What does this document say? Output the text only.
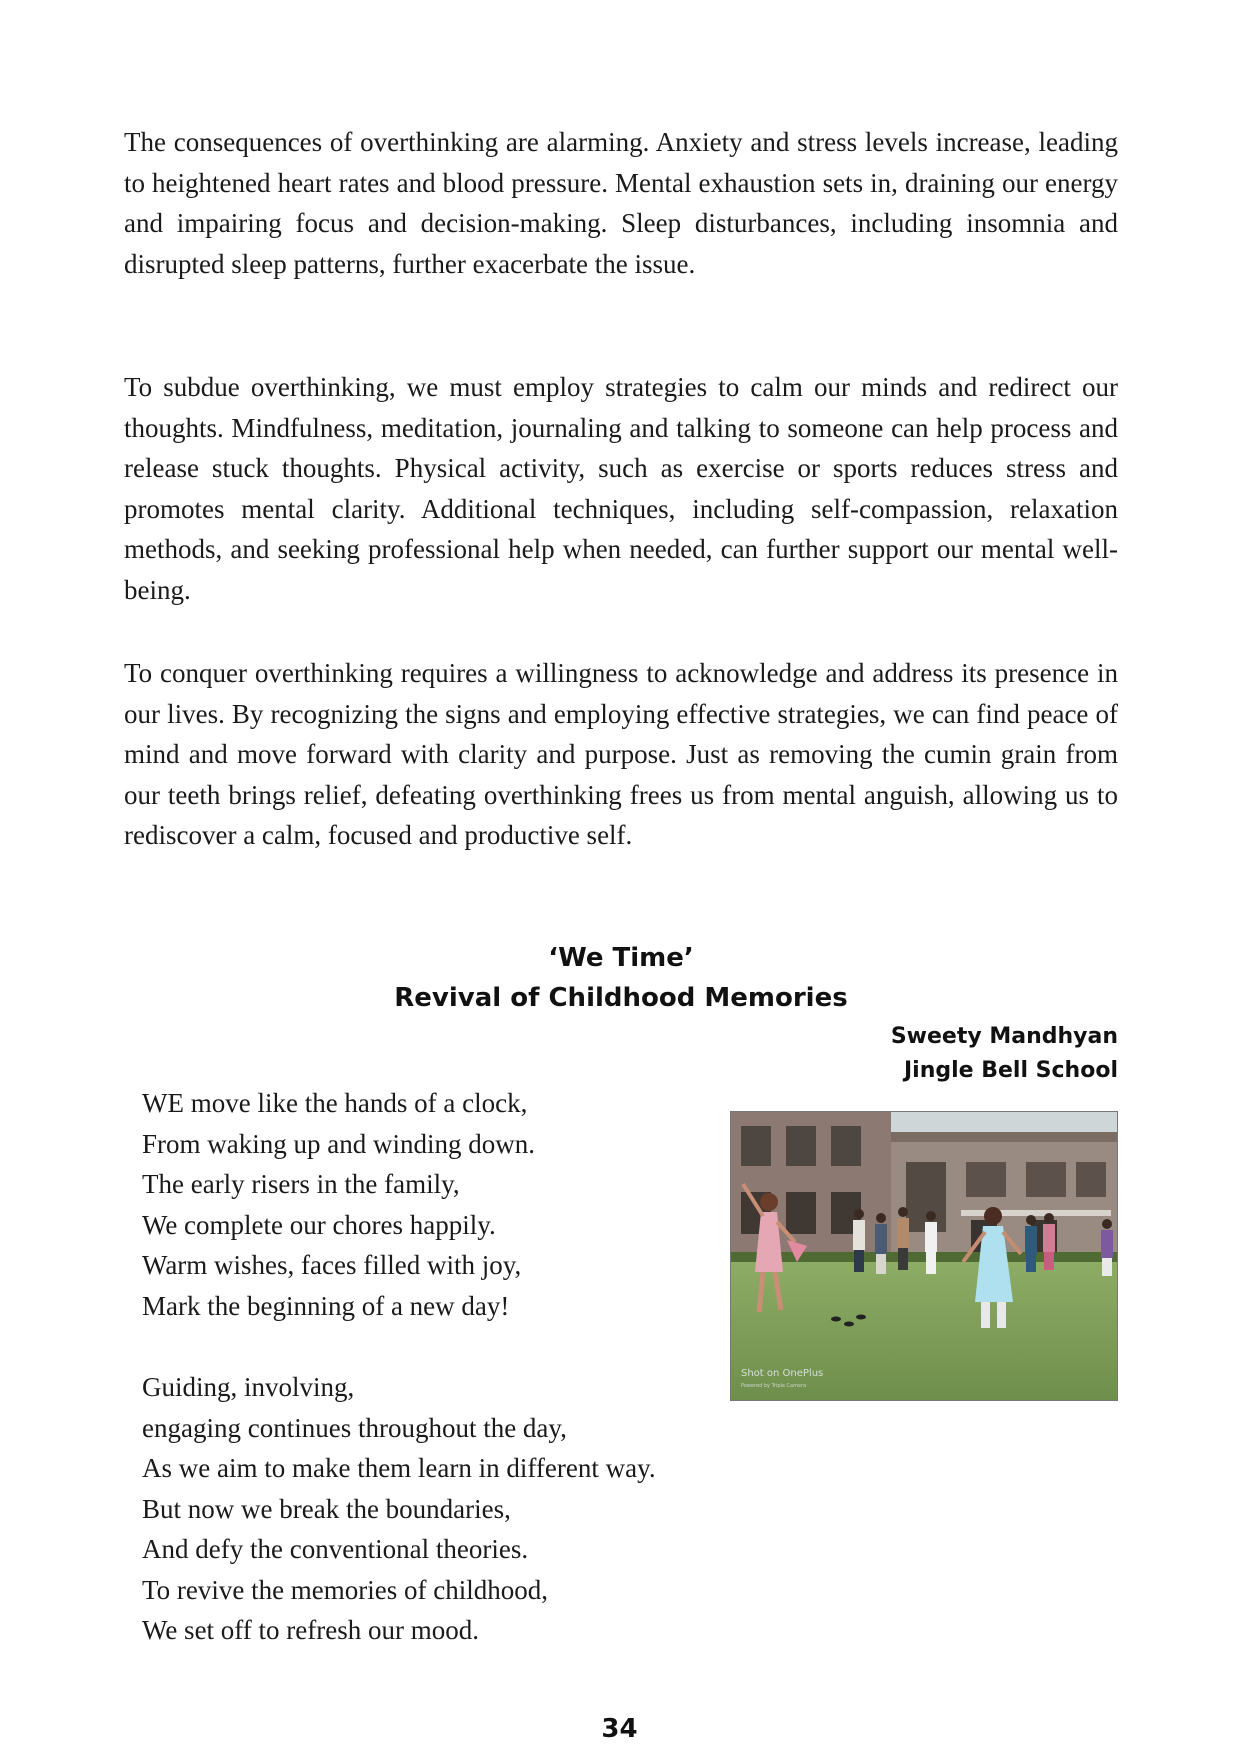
The consequences of overthinking are alarming. Anxiety and stress levels increase, leading to heightened heart rates and blood pressure. Mental exhaustion sets in, draining our energy and impairing focus and decision-making. Sleep disturbances, including insomnia and disrupted sleep patterns, further exacerbate the issue.

To subdue overthinking, we must employ strategies to calm our minds and redirect our thoughts. Mindfulness, meditation, journaling and talking to someone can help process and release stuck thoughts. Physical activity, such as exercise or sports reduces stress and promotes mental clarity. Additional techniques, including self-compassion, relaxation methods, and seeking professional help when needed, can further support our mental well-being.

To conquer overthinking requires a willingness to acknowledge and address its presence in our lives. By recognizing the signs and employing effective strategies, we can find peace of mind and move forward with clarity and purpose. Just as removing the cumin grain from our teeth brings relief, defeating overthinking frees us from mental anguish, allowing us to rediscover a calm, focused and productive self.

‘We Time’
Revival of Childhood Memories
Sweety Mandhyan
Jingle Bell School
WE move like the hands of a clock,
From waking up and winding down.
The early risers in the family,
We complete our chores happily.
Warm wishes, faces filled with joy,
Mark the beginning of a new day!
Guiding, involving,
engaging continues throughout the day,
As we aim to make them learn in different way.
But now we break the boundaries,
And defy the conventional theories.
To revive the memories of childhood,
We set off to refresh our mood.
Shot on OnePlus
Powered by Triple Camera
34
